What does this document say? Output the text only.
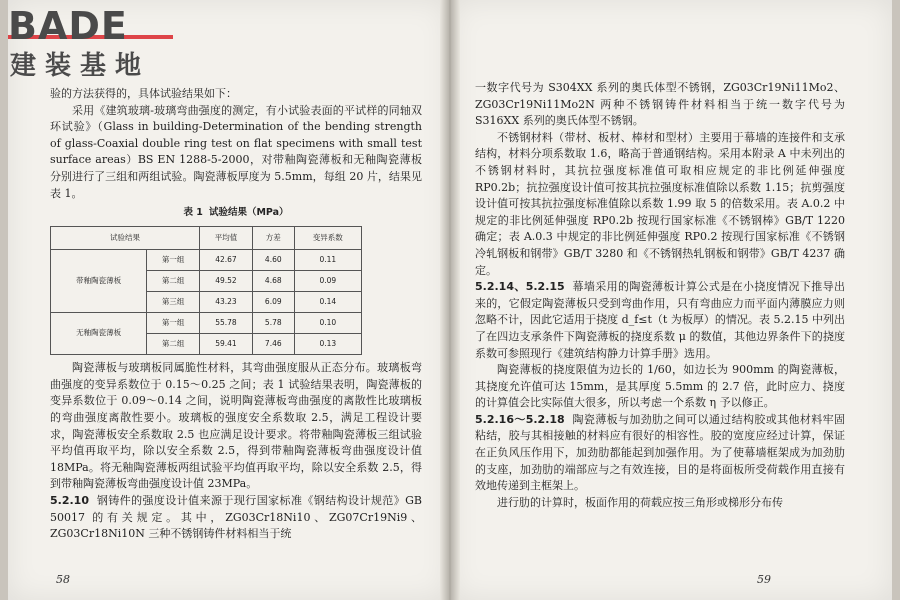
BADE
建装基地

验的方法获得的，具体试验结果如下：

采用《建筑玻璃-玻璃弯曲强度的测定，有小试验表面的平试样的同轴双环试验》（Glass in building-Determination of the bending strength of glass-Coaxial double ring test on flat specimens with small test surface areas）BS EN 1288-5-2000，对带釉陶瓷薄板和无釉陶瓷薄板分别进行了三组和两组试验。陶瓷薄板厚度为 5.5mm，每组 20 片，结果见表 1。

表 1 试验结果（MPa）
试验结果		平均值	方差	变异系数
带釉陶瓷薄板	第一组	42.67	4.60	0.11
	第二组	49.52	4.68	0.09
	第三组	43.23	6.09	0.14
无釉陶瓷薄板	第一组	55.78	5.78	0.10
	第二组	59.41	7.46	0.13

陶瓷薄板与玻璃板同属脆性材料，其弯曲强度服从正态分布。玻璃板弯曲强度的变异系数位于 0.15～0.25 之间；表 1 试验结果表明，陶瓷薄板的变异系数位于 0.09～0.14 之间，说明陶瓷薄板弯曲强度的离散性比玻璃板的弯曲强度离散性要小。玻璃板的强度安全系数取 2.5，满足工程设计要求，陶瓷薄板安全系数取 2.5 也应满足设计要求。将带釉陶瓷薄板三组试验平均值再取平均，除以安全系数 2.5，得到带釉陶瓷薄板弯曲强度设计值 18MPa。将无釉陶瓷薄板两组试验平均值再取平均，除以安全系数 2.5，得到带釉陶瓷薄板弯曲强度设计值 23MPa。

5.2.10 钢铸件的强度设计值来源于现行国家标准《钢结构设计规范》GB 50017 的有关规定。其中，ZG03Cr18Ni10、ZG07Cr19Ni9、ZG03Cr18Ni10N 三种不锈钢铸件材料相当于统

58

一数字代号为 S304XX 系列的奥氏体型不锈钢，ZG03Cr19Ni11Mo2、ZG03Cr19Ni11Mo2N 两种不锈钢铸件材料相当于统一数字代号为 S316XX 系列的奥氏体型不锈钢。

不锈钢材料（带材、板材、棒材和型材）主要用于幕墙的连接件和支承结构，材料分项系数取 1.6，略高于普通钢结构。采用本附录 A 中未列出的不锈钢材料时，其抗拉强度标准值可取相应规定的非比例延伸强度 RP0.2b；抗拉强度设计值可按其抗拉强度标准值除以系数 1.15；抗剪强度设计值可按其抗拉强度标准值除以系数 1.99 取 5 的倍数采用。表 A.0.2 中规定的非比例延伸强度 RP0.2b 按现行国家标准《不锈钢棒》GB/T 1220 确定；表 A.0.3 中规定的非比例延伸强度 RP0.2 按现行国家标准《不锈钢冷轧钢板和钢带》GB/T 3280 和《不锈钢热轧钢板和钢带》GB/T 4237 确定。

5.2.14、5.2.15 幕墙采用的陶瓷薄板计算公式是在小挠度情况下推导出来的，它假定陶瓷薄板只受到弯曲作用，只有弯曲应力而平面内薄膜应力则忽略不计，因此它适用于挠度 d_f≤t（t 为板厚）的情况。表 5.2.15 中列出了在四边支承条件下陶瓷薄板的挠度系数 μ 的数值，其他边界条件下的挠度系数可参照现行《建筑结构静力计算手册》选用。

陶瓷薄板的挠度限值为边长的 1/60，如边长为 900mm 的陶瓷薄板，其挠度允许值可达 15mm，是其厚度 5.5mm 的 2.7 倍，此时应力、挠度的计算值会比实际值大很多，所以考虑一个系数 η 予以修正。

5.2.16～5.2.18 陶瓷薄板与加劲肋之间可以通过结构胶或其他材料牢固粘结，胶与其相接触的材料应有很好的相容性。胶的宽度应经过计算，保证在正负风压作用下，加劲肋都能起到加强作用。为了使幕墙框架成为加劲肋的支座，加劲肋的端部应与之有效连接，目的是将面板所受荷载作用直接有效地传递到主框架上。

进行肋的计算时，板面作用的荷载应按三角形或梯形分布传

59
